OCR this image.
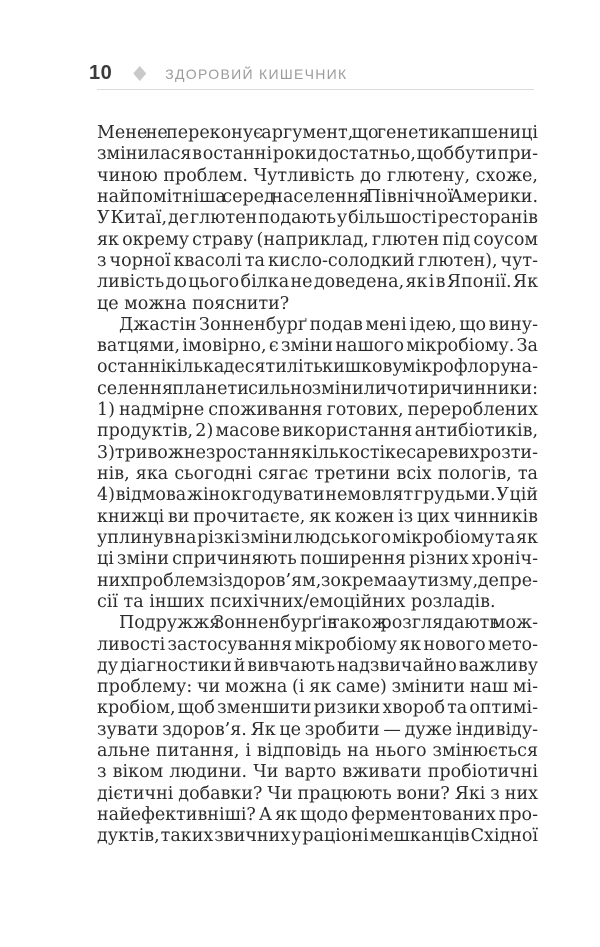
10	ЗДОРОВИЙ КИШЕЧНИК
Мене не переконує аргумент, що генетика пшениці
змінилася в останні роки достатньо, щоб бути при-
чиною проблем. Чутливість до глютену, схоже,
найпомітніша серед населення Північної Америки.
У Китаї, де глютен подають у більшості ресторанів
як окрему страву (наприклад, глютен під соусом
з чорної квасолі та кисло-солодкий глютен), чут-
ливість до цього білка не доведена, як і в Японії. Як
це можна пояснити?
Джастін Зонненбурґ подав мені ідею, що вину-
ватцями, імовірно, є зміни нашого мікробіому. За
останні кілька десятиліть кишкову мікрофлору на-
селення планети сильно змінили чотири чинники:
1) надмірне споживання готових, перероблених
продуктів, 2) масове використання антибіотиків,
3) тривожне зростання кількості кесаревих розти-
нів, яка сьогодні сягає третини всіх пологів, та
4) відмова жінок годувати немовлят грудьми. У цій
книжці ви прочитаєте, як кожен із цих чинників
уплинув на різкі зміни людського мікробіому та як
ці зміни спричиняють поширення різних хроніч-
них проблем зі здоров’ям, зокрема аутизму, депре-
сії та інших психічних/емоційних розладів.
Подружжя Зонненбурґів також розглядають мож-
ливості застосування мікробіому як нового мето-
ду діагностики й вивчають надзвичайно важливу
проблему: чи можна (і як саме) змінити наш мі-
кробіом, щоб зменшити ризики хвороб та оптимі-
зувати здоров’я. Як це зробити — дуже індивіду-
альне питання, і відповідь на нього змінюється
з віком людини. Чи варто вживати пробіотичні
дієтичні добавки? Чи працюють вони? Які з них
найефективніші? А як щодо ферментованих про-
дуктів, таких звичних у раціоні мешканців Східної
